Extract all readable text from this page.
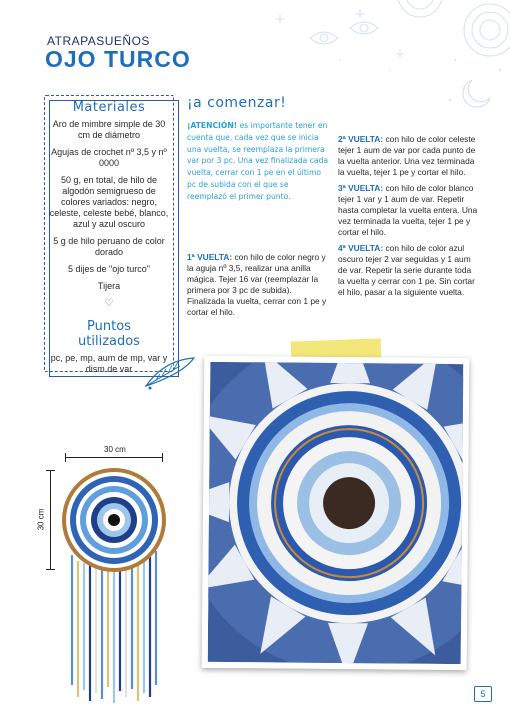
ATRAPASUEÑOS
OJO TURCO
Materiales
Aro de mimbre simple de 30 cm de diámetro
Agujas de crochet nº 3,5 y nº 0000
50 g, en total, de hilo de algodón semigrueso de colores variados: negro, celeste, celeste bebé, blanco, azul y azul oscuro
5 g de hilo peruano de color dorado
5 dijes de "ojo turco"
Tijera
♡
Puntos
utilizados
pc, pe, mp, aum de mp, var y dism de var
¡a comenzar!
¡ATENCIÓN! es importante tener en cuenta que, cada vez que se inicia una vuelta, se reemplaza la primera var por 3 pc. Una vez finalizada cada vuelta, cerrar con 1 pe en el último pc de subida con el que se reemplazó el primer punto.
1ª VUELTA: con hilo de color negro y la aguja nº 3,5, realizar una anilla mágica. Tejer 16 var (reemplazar la primera por 3 pc de subida). Finalizada la vuelta, cerrar con 1 pe y cortar el hilo.

2ª VUELTA: con hilo de color celeste tejer 1 aum de var por cada punto de la vuelta anterior. Una vez terminada la vuelta, tejer 1 pe y cortar el hilo.

3ª VUELTA: con hilo de color blanco tejer 1 var y 1 aum de var. Repetir hasta completar la vuelta entera. Una vez terminada la vuelta, tejer 1 pe y cortar el hilo.

4ª VUELTA: con hilo de color azul oscuro tejer 2 var seguidas y 1 aum de var. Repetir la serie durante toda la vuelta y cerrar con 1 pe. Sin cortar el hilo, pasar a la siguiente vuelta.

30 cm
30 cm
5
